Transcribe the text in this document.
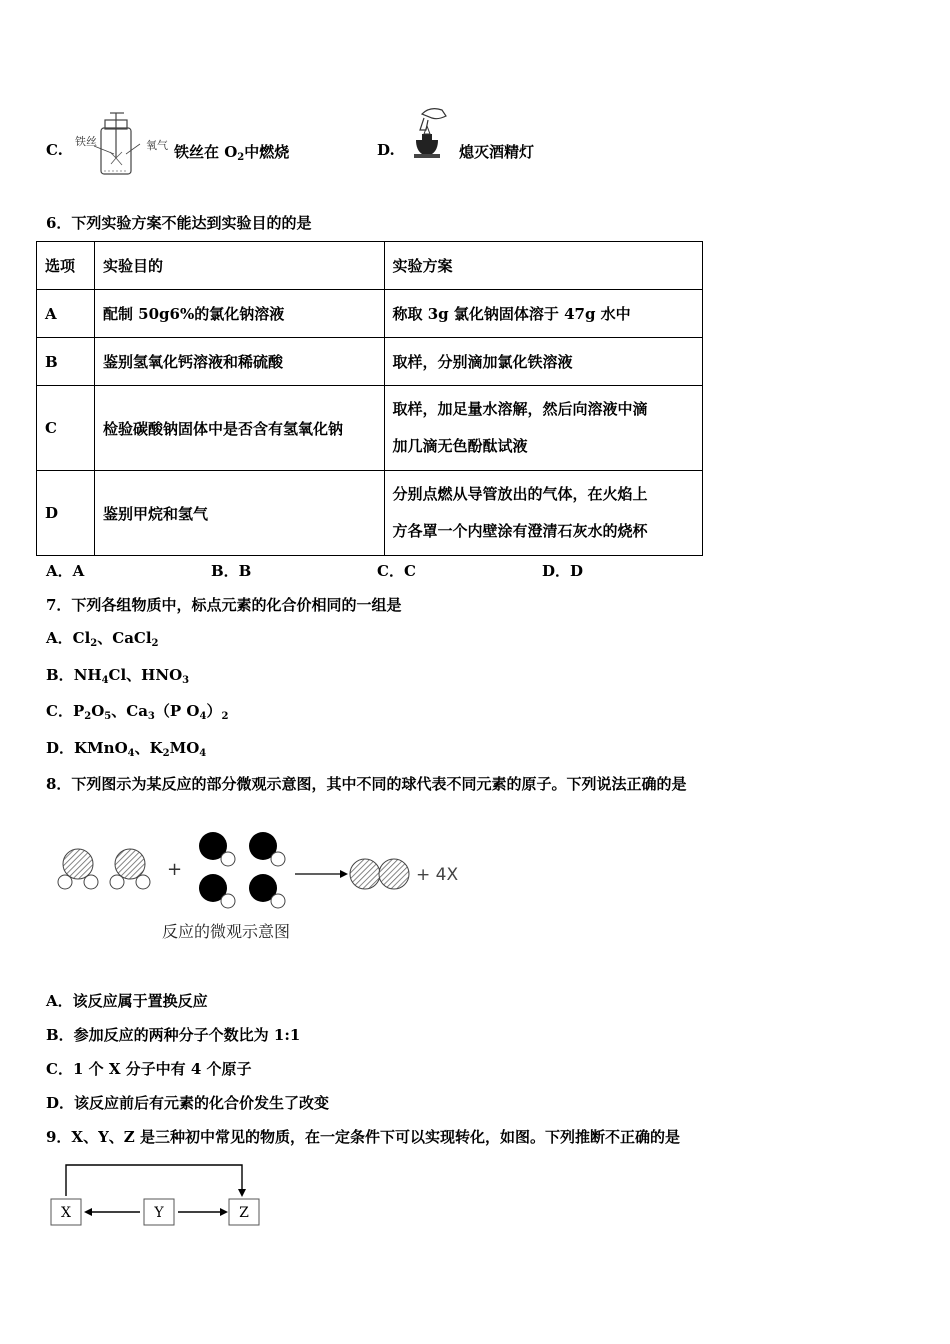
C. 铁丝	氧气 铁丝在 $O_2$中燃烧	D.	熄灭酒精灯
6．下列实验方案不能达到实验目的的是
选项	实验目的	实验方案
A	配制 50g6%的氯化钠溶液	称取 3g 氯化钠固体溶于 47g 水中
B	鉴别氢氧化钙溶液和稀硫酸	取样，分别滴加氯化铁溶液
C	检验碳酸钠固体中是否含有氢氧化钠	取样，加足量水溶解，然后向溶液中滴
加几滴无色酚酞试液
D	鉴别甲烷和氢气	分别点燃从导管放出的气体，在火焰上
方各罩一个内壁涂有澄清石灰水的烧杯
A．A	B．B	C．C	D．D
7．下列各组物质中，标点元素的化合价相同的一组是
A．$Cl_2$、CaCl$_2$
B．$NH_4Cl$、$HNO_3$
C．$P_2O_5$、$Ca_3(P$ $O_4)_2$
D．KMnO$_4$、$K_2MO_4$
8．下列图示为某反应的部分微观示意图，其中不同的球代表不同元素的原子。下列说法正确的是
+	+ 4X
反应的微观示意图
A．该反应属于置换反应
B．参加反应的两种分子个数比为 1:1
C．1 个 X 分子中有 4 个原子
D．该反应前后有元素的化合价发生了改变
9．X、Y、Z 是三种初中常见的物质，在一定条件下可以实现转化，如图。下列推断不正确的是
X	Y	Z
